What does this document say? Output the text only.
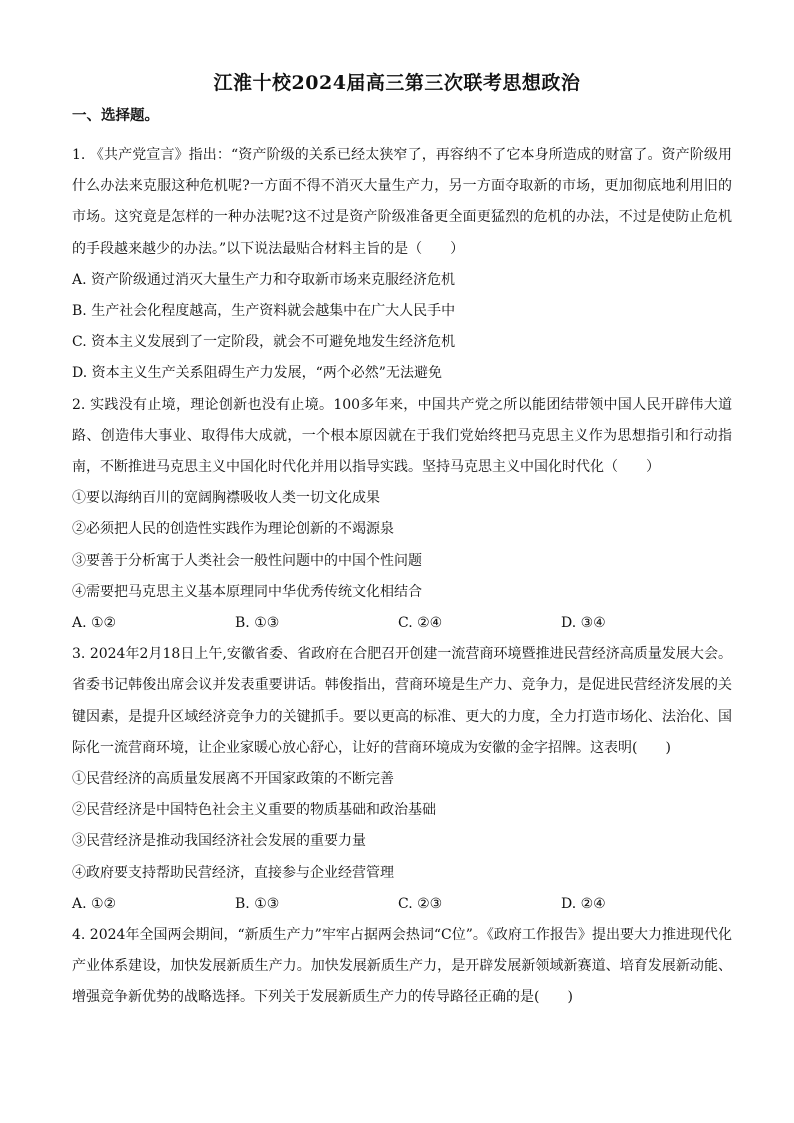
江淮十校2024届高三第三次联考思想政治
一、选择题。

1. 《共产党宣言》指出：“资产阶级的关系已经太狭窄了，再容纳不了它本身所造成的财富了。资产阶级用什么办法来克服这种危机呢?一方面不得不消灭大量生产力，另一方面夺取新的市场，更加彻底地利用旧的市场。这究竟是怎样的一种办法呢?这不过是资产阶级准备更全面更猛烈的危机的办法，不过是使防止危机的手段越来越少的办法。”以下说法最贴合材料主旨的是（　　）

A. 资产阶级通过消灭大量生产力和夺取新市场来克服经济危机

B. 生产社会化程度越高，生产资料就会越集中在广大人民手中

C. 资本主义发展到了一定阶段，就会不可避免地发生经济危机

D. 资本主义生产关系阻碍生产力发展，“两个必然”无法避免

2. 实践没有止境，理论创新也没有止境。100多年来，中国共产党之所以能团结带领中国人民开辟伟大道路、创造伟大事业、取得伟大成就，一个根本原因就在于我们党始终把马克思主义作为思想指引和行动指南，不断推进马克思主义中国化时代化并用以指导实践。坚持马克思主义中国化时代化（　　）

①要以海纳百川的宽阔胸襟吸收人类一切文化成果

②必须把人民的创造性实践作为理论创新的不竭源泉

③要善于分析寓于人类社会一般性问题中的中国个性问题

④需要把马克思主义基本原理同中华优秀传统文化相结合

A. ①②	B. ①③	C. ②④	D. ③④

3. 2024年2月18日上午,安徽省委、省政府在合肥召开创建一流营商环境暨推进民营经济高质量发展大会。省委书记韩俊出席会议并发表重要讲话。韩俊指出，营商环境是生产力、竞争力，是促进民营经济发展的关键因素，是提升区域经济竞争力的关键抓手。要以更高的标准、更大的力度，全力打造市场化、法治化、国际化一流营商环境，让企业家暖心放心舒心，让好的营商环境成为安徽的金字招牌。这表明(　　)

①民营经济的高质量发展离不开国家政策的不断完善

②民营经济是中国特色社会主义重要的物质基础和政治基础

③民营经济是推动我国经济社会发展的重要力量

④政府要支持帮助民营经济，直接参与企业经营管理

A. ①②	B. ①③	C. ②③	D. ②④

4. 2024年全国两会期间，“新质生产力”牢牢占据两会热词“C位”。《政府工作报告》提出要大力推进现代化产业体系建设，加快发展新质生产力。加快发展新质生产力，是开辟发展新领域新赛道、培育发展新动能、增强竞争新优势的战略选择。下列关于发展新质生产力的传导路径正确的是(　　)
